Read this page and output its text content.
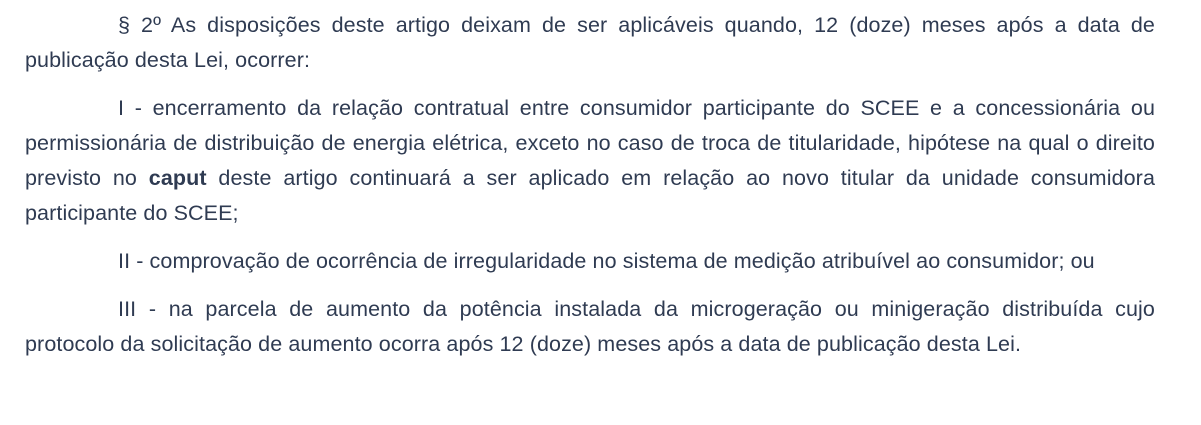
§ 2º As disposições deste artigo deixam de ser aplicáveis quando, 12 (doze) meses após a data de publicação desta Lei, ocorrer:

I - encerramento da relação contratual entre consumidor participante do SCEE e a concessionária ou permissionária de distribuição de energia elétrica, exceto no caso de troca de titularidade, hipótese na qual o direito previsto no caput deste artigo continuará a ser aplicado em relação ao novo titular da unidade consumidora participante do SCEE;

II - comprovação de ocorrência de irregularidade no sistema de medição atribuível ao consumidor; ou

III - na parcela de aumento da potência instalada da microgeração ou minigeração distribuída cujo protocolo da solicitação de aumento ocorra após 12 (doze) meses após a data de publicação desta Lei.
